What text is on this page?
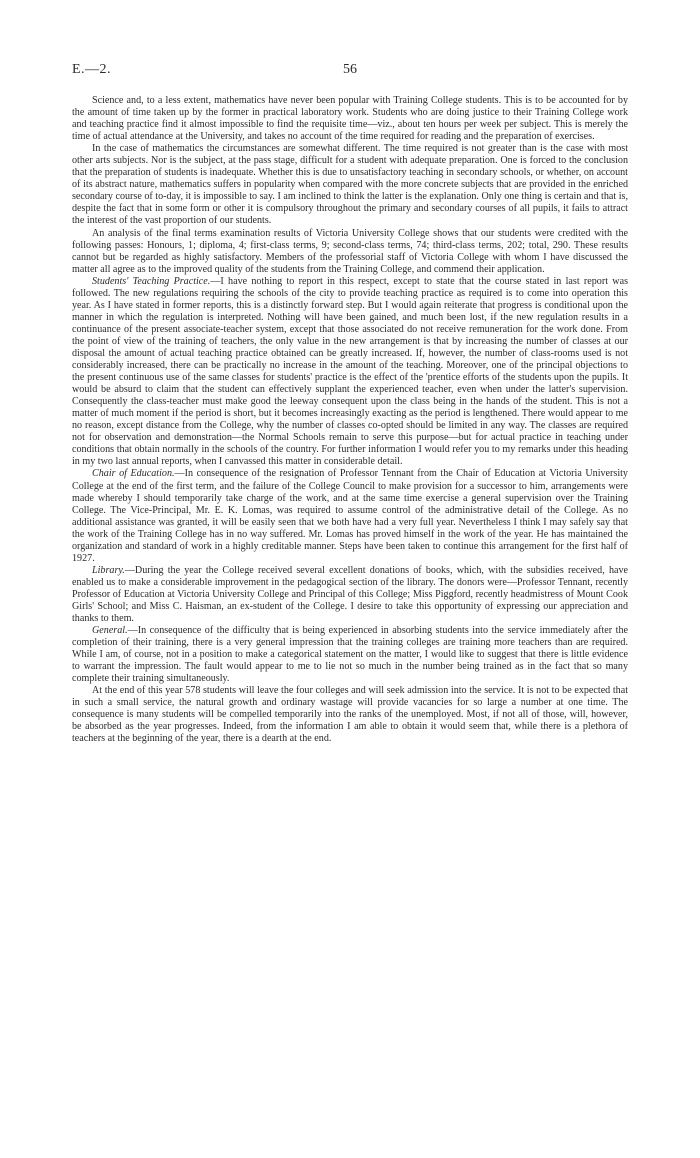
E.—2.	56

Science and, to a less extent, mathematics have never been popular with Training College students. This is to be accounted for by the amount of time taken up by the former in practical laboratory work. Students who are doing justice to their Training College work and teaching practice find it almost impossible to find the requisite time—viz., about ten hours per week per subject. This is merely the time of actual attendance at the University, and takes no account of the time required for reading and the preparation of exercises.

In the case of mathematics the circumstances are somewhat different. The time required is not greater than is the case with most other arts subjects. Nor is the subject, at the pass stage, difficult for a student with adequate preparation. One is forced to the conclusion that the preparation of students is inadequate. Whether this is due to unsatisfactory teaching in secondary schools, or whether, on account of its abstract nature, mathematics suffers in popularity when compared with the more concrete subjects that are provided in the enriched secondary course of to-day, it is impossible to say. I am inclined to think the latter is the explanation. Only one thing is certain and that is, despite the fact that in some form or other it is compulsory throughout the primary and secondary courses of all pupils, it fails to attract the interest of the vast proportion of our students.

An analysis of the final terms examination results of Victoria University College shows that our students were credited with the following passes: Honours, 1; diploma, 4; first-class terms, 9; second-class terms, 74; third-class terms, 202; total, 290. These results cannot but be regarded as highly satisfactory. Members of the professorial staff of Victoria College with whom I have discussed the matter all agree as to the improved quality of the students from the Training College, and commend their application.

Students' Teaching Practice.—I have nothing to report in this respect, except to state that the course stated in last report was followed. The new regulations requiring the schools of the city to provide teaching practice as required is to come into operation this year. As I have stated in former reports, this is a distinctly forward step. But I would again reiterate that progress is conditional upon the manner in which the regulation is interpreted. Nothing will have been gained, and much been lost, if the new regulation results in a continuance of the present associate-teacher system, except that those associated do not receive remuneration for the work done. From the point of view of the training of teachers, the only value in the new arrangement is that by increasing the number of classes at our disposal the amount of actual teaching practice obtained can be greatly increased. If, however, the number of class-rooms used is not considerably increased, there can be practically no increase in the amount of the teaching. Moreover, one of the principal objections to the present continuous use of the same classes for students' practice is the effect of the 'prentice efforts of the students upon the pupils. It would be absurd to claim that the student can effectively supplant the experienced teacher, even when under the latter's supervision. Consequently the class-teacher must make good the leeway consequent upon the class being in the hands of the student. This is not a matter of much moment if the period is short, but it becomes increasingly exacting as the period is lengthened. There would appear to me no reason, except distance from the College, why the number of classes co-opted should be limited in any way. The classes are required not for observation and demonstration—the Normal Schools remain to serve this purpose—but for actual practice in teaching under conditions that obtain normally in the schools of the country. For further information I would refer you to my remarks under this heading in my two last annual reports, when I canvassed this matter in considerable detail.

Chair of Education.—In consequence of the resignation of Professor Tennant from the Chair of Education at Victoria University College at the end of the first term, and the failure of the College Council to make provision for a successor to him, arrangements were made whereby I should temporarily take charge of the work, and at the same time exercise a general supervision over the Training College. The Vice-Principal, Mr. E. K. Lomas, was required to assume control of the administrative detail of the College. As no additional assistance was granted, it will be easily seen that we both have had a very full year. Nevertheless I think I may safely say that the work of the Training College has in no way suffered. Mr. Lomas has proved himself in the work of the year. He has maintained the organization and standard of work in a highly creditable manner. Steps have been taken to continue this arrangement for the first half of 1927.

Library.—During the year the College received several excellent donations of books, which, with the subsidies received, have enabled us to make a considerable improvement in the pedagogical section of the library. The donors were—Professor Tennant, recently Professor of Education at Victoria University College and Principal of this College; Miss Piggford, recently headmistress of Mount Cook Girls' School; and Miss C. Haisman, an ex-student of the College. I desire to take this opportunity of expressing our appreciation and thanks to them.

General.—In consequence of the difficulty that is being experienced in absorbing students into the service immediately after the completion of their training, there is a very general impression that the training colleges are training more teachers than are required. While I am, of course, not in a position to make a categorical statement on the matter, I would like to suggest that there is little evidence to warrant the impression. The fault would appear to me to lie not so much in the number being trained as in the fact that so many complete their training simultaneously.

At the end of this year 578 students will leave the four colleges and will seek admission into the service. It is not to be expected that in such a small service, the natural growth and ordinary wastage will provide vacancies for so large a number at one time. The consequence is many students will be compelled temporarily into the ranks of the unemployed. Most, if not all of those, will, however, be absorbed as the year progresses. Indeed, from the information I am able to obtain it would seem that, while there is a plethora of teachers at the beginning of the year, there is a dearth at the end.
